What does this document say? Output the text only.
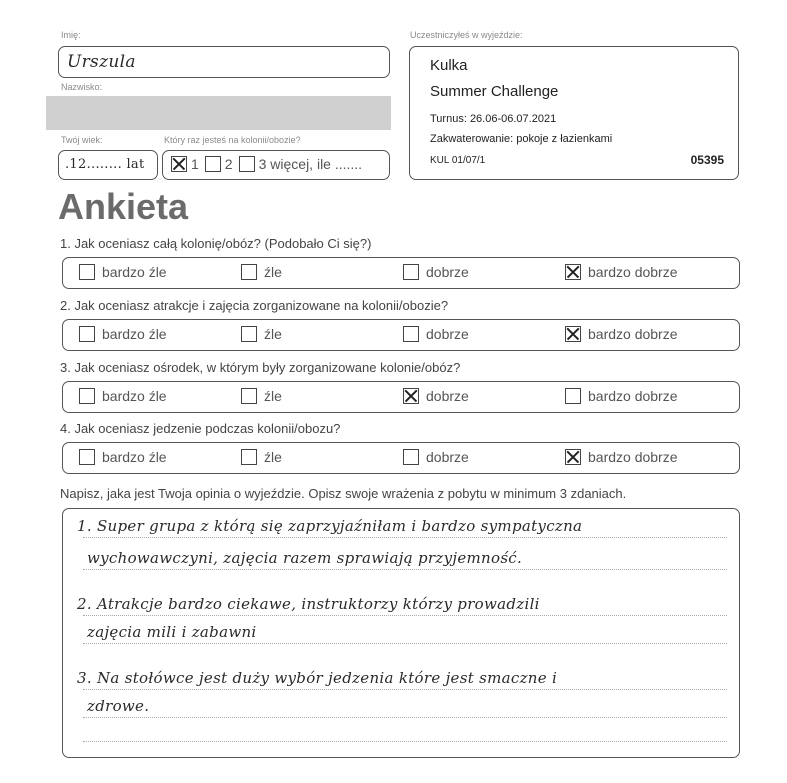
Imię:
Urszula
Nazwisko:
Twój wiek:
.12........ lat
Który raz jesteś na kolonii/obozie?
1 2 3 więcej, ile .......
Uczestniczyłeś w wyjeździe:
Kulka
Summer Challenge
Turnus: 26.06-06.07.2021
Zakwaterowanie: pokoje z łazienkami
KUL 01/07/1	05395
Ankieta
1. Jak oceniasz całą kolonię/obóz? (Podobało Ci się?)
bardzo źle	źle	dobrze	bardzo dobrze
2. Jak oceniasz atrakcje i zajęcia zorganizowane na kolonii/obozie?
bardzo źle	źle	dobrze	bardzo dobrze
3. Jak oceniasz ośrodek, w którym były zorganizowane kolonie/obóz?
bardzo źle	źle	dobrze	bardzo dobrze
4. Jak oceniasz jedzenie podczas kolonii/obozu?
bardzo źle	źle	dobrze	bardzo dobrze
Napisz, jaka jest Twoja opinia o wyjeździe. Opisz swoje wrażenia z pobytu w minimum 3 zdaniach.
1. Super grupa z którą się zaprzyjaźniłam i bardzo sympatyczna
wychowawczyni, zajęcia razem sprawiają przyjemność.
2. Atrakcje bardzo ciekawe, instruktorzy którzy prowadzili
zajęcia mili i zabawni
3. Na stołówce jest duży wybór jedzenia które jest smaczne i
zdrowe.
